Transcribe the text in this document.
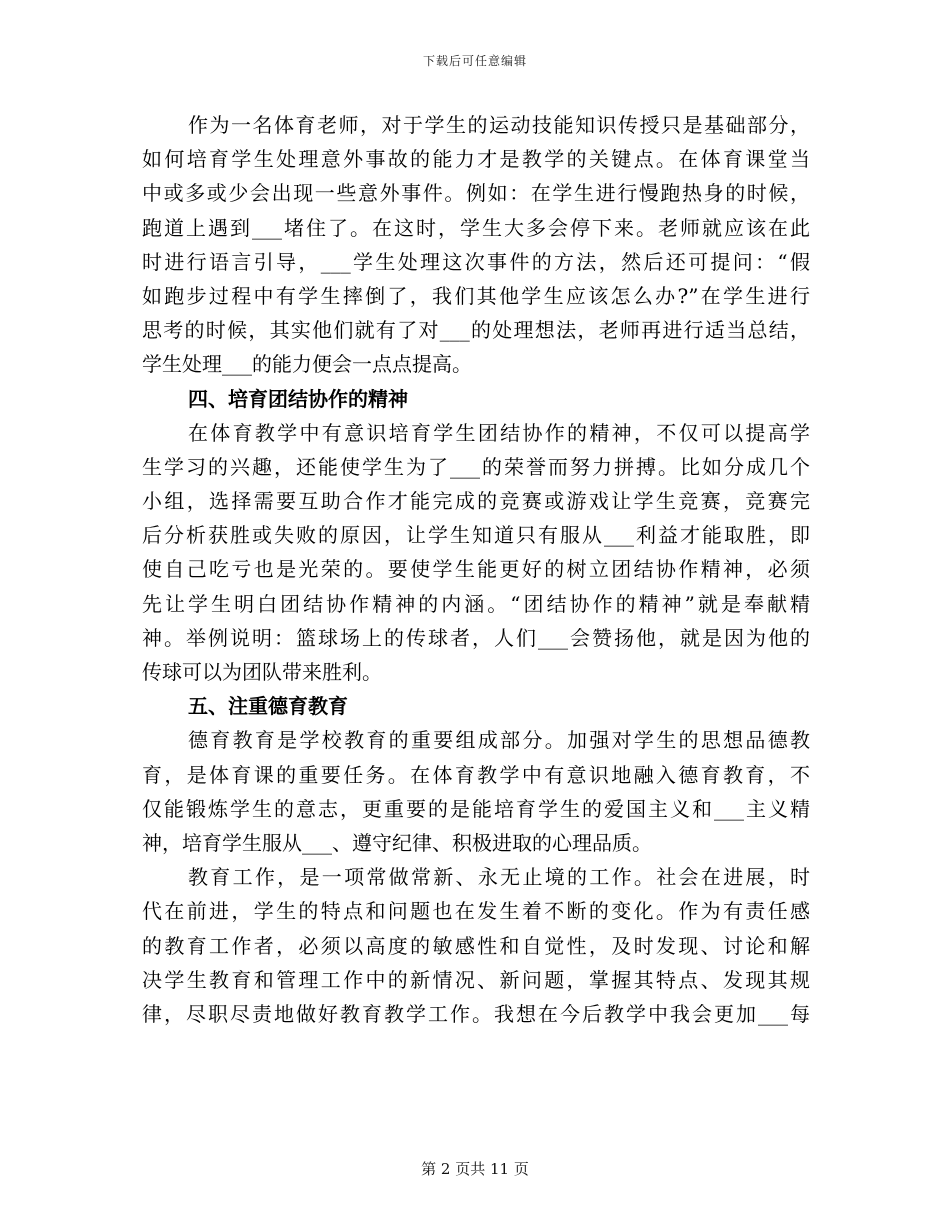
下载后可任意编辑
作为一名体育老师，对于学生的运动技能知识传授只是基础部分，
如何培育学生处理意外事故的能力才是教学的关键点。在体育课堂当
中或多或少会出现一些意外事件。例如：在学生进行慢跑热身的时候，
跑道上遇到___堵住了。在这时，学生大多会停下来。老师就应该在此
时进行语言引导，___学生处理这次事件的方法，然后还可提问：“假
如跑步过程中有学生摔倒了，我们其他学生应该怎么办?”在学生进行
思考的时候，其实他们就有了对___的处理想法，老师再进行适当总结，
学生处理___的能力便会一点点提高。
四、培育团结协作的精神
在体育教学中有意识培育学生团结协作的精神，不仅可以提高学
生学习的兴趣，还能使学生为了___的荣誉而努力拼搏。比如分成几个
小组，选择需要互助合作才能完成的竞赛或游戏让学生竞赛，竞赛完
后分析获胜或失败的原因，让学生知道只有服从___利益才能取胜，即
使自己吃亏也是光荣的。要使学生能更好的树立团结协作精神，必须
先让学生明白团结协作精神的内涵。“团结协作的精神”就是奉献精
神。举例说明：篮球场上的传球者，人们___会赞扬他，就是因为他的
传球可以为团队带来胜利。
五、注重德育教育
德育教育是学校教育的重要组成部分。加强对学生的思想品德教
育，是体育课的重要任务。在体育教学中有意识地融入德育教育，不
仅能锻炼学生的意志，更重要的是能培育学生的爱国主义和___主义精
神，培育学生服从___、遵守纪律、积极进取的心理品质。
教育工作，是一项常做常新、永无止境的工作。社会在进展，时
代在前进，学生的特点和问题也在发生着不断的变化。作为有责任感
的教育工作者，必须以高度的敏感性和自觉性，及时发现、讨论和解
决学生教育和管理工作中的新情况、新问题，掌握其特点、发现其规
律，尽职尽责地做好教育教学工作。我想在今后教学中我会更加___每
第 2 页共 11 页
